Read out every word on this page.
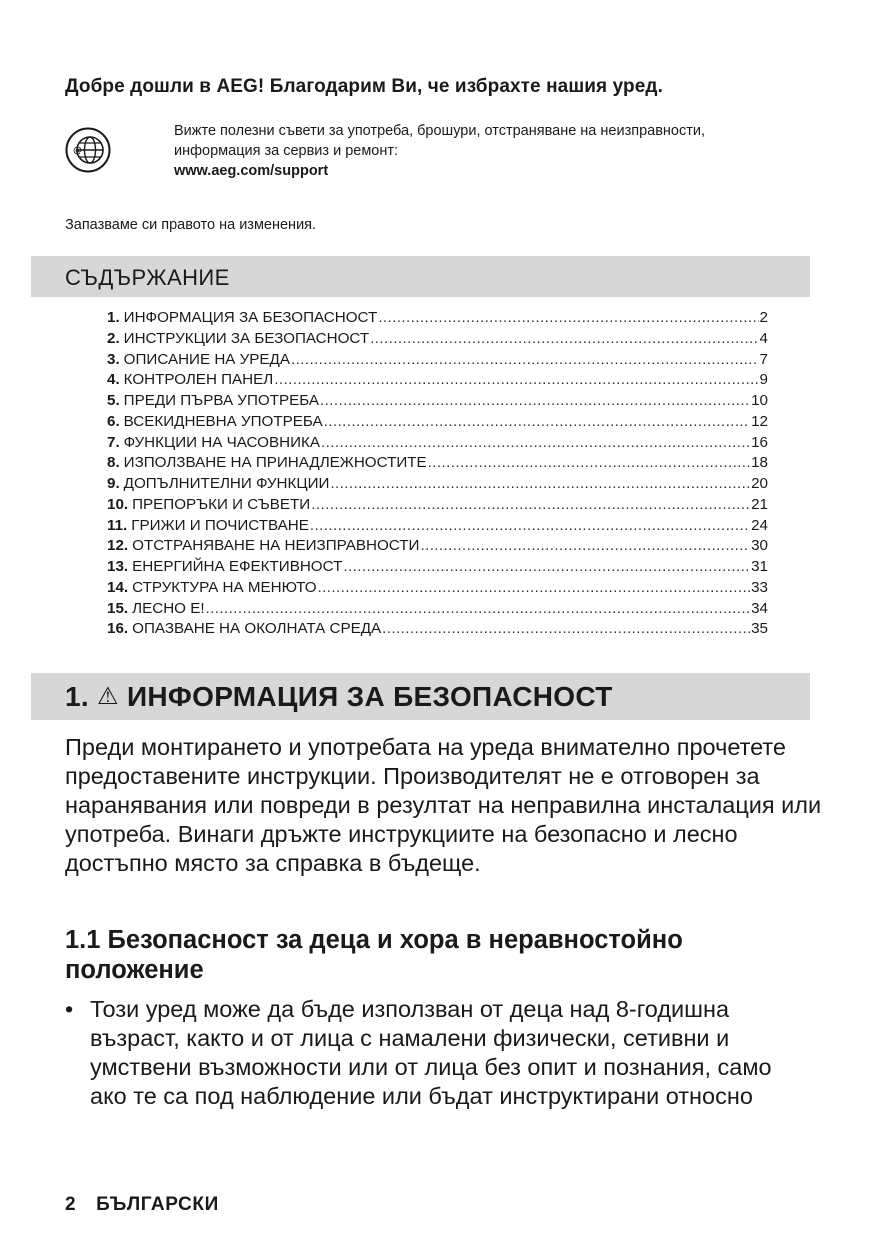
Добре дошли в AEG! Благодарим Ви, че избрахте нашия уред.
@
Вижте полезни съвети за употреба, брошури, отстраняване на неизправности,
информация за сервиз и ремонт:
www.aeg.com/support
Запазваме си правото на изменения.
СЪДЪРЖАНИЕ
1. ИНФОРМАЦИЯ ЗА БЕЗОПАСНОСТ .....	2
2. ИНСТРУКЦИИ ЗА БЕЗОПАСНОСТ .....	4
3. ОПИСАНИЕ НА УРЕДА .....	7
4. КОНТРОЛЕН ПАНЕЛ .....	9
5. ПРЕДИ ПЪРВА УПОТРЕБА .....	10
6. ВСЕКИДНЕВНА УПОТРЕБА .....	12
7. ФУНКЦИИ НА ЧАСОВНИКА .....	16
8. ИЗПОЛЗВАНЕ НА ПРИНАДЛЕЖНОСТИТЕ .....	18
9. ДОПЪЛНИТЕЛНИ ФУНКЦИИ .....	20
10. ПРЕПОРЪКИ И СЪВЕТИ .....	21
11. ГРИЖИ И ПОЧИСТВАНЕ .....	24
12. ОТСТРАНЯВАНЕ НА НЕИЗПРАВНОСТИ .....	30
13. ЕНЕРГИЙНА ЕФЕКТИВНОСТ .....	31
14. СТРУКТУРА НА МЕНЮТО .....	33
15. ЛЕСНО Е! .....	34
16. ОПАЗВАНЕ НА ОКОЛНАТА СРЕДА .....	35
1. ⚠ ИНФОРМАЦИЯ ЗА БЕЗОПАСНОСТ

Преди монтирането и употребата на уреда внимателно прочетете предоставените инструкции. Производителят не е отговорен за наранявания или повреди в резултат на неправилна инсталация или употреба. Винаги дръжте инструкциите на безопасно и лесно достъпно място за справка в бъдеще.

1.1 Безопасност за деца и хора в неравностойно положение
• Този уред може да бъде използван от деца над 8-годишна възраст, както и от лица с намалени физически, сетивни и умствени възможности или от лица без опит и познания, само ако те са под наблюдение или бъдат инструктирани относно
2 БЪЛГАРСКИ
